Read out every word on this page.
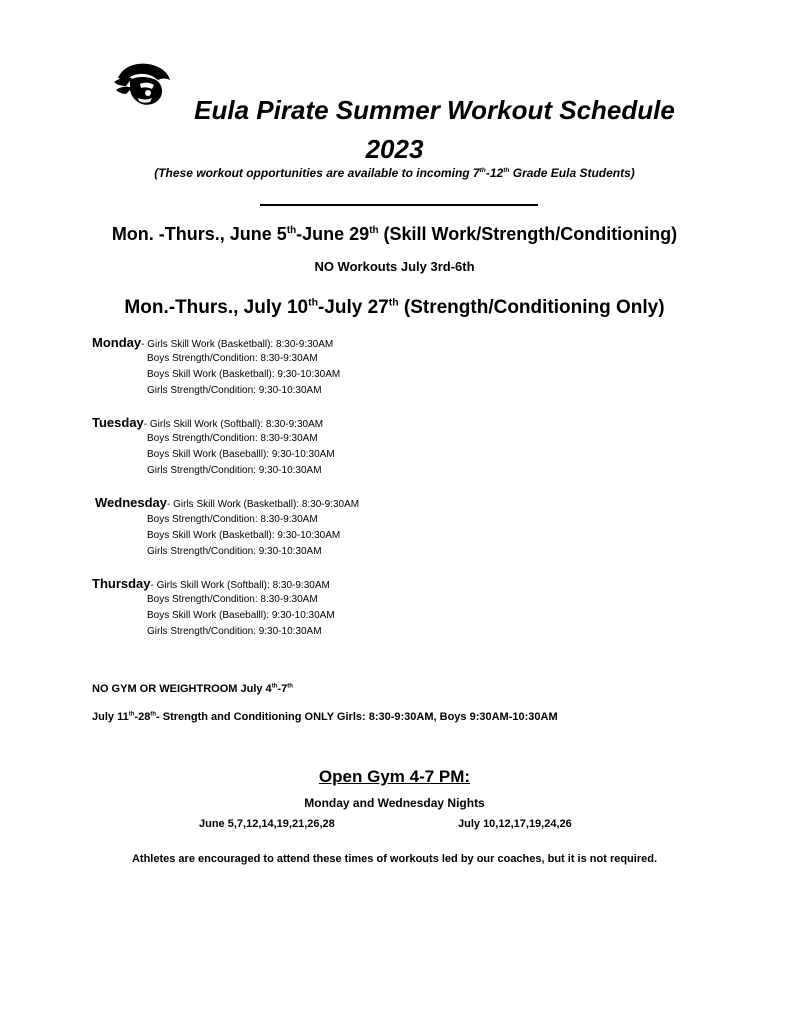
Eula Pirate Summer Workout Schedule
2023
(These workout opportunities are available to incoming 7th-12th Grade Eula Students)
Mon. -Thurs., June 5th-June 29th (Skill Work/Strength/Conditioning)
NO Workouts July 3rd-6th
Mon.-Thurs., July 10th-July 27th (Strength/Conditioning Only)
Monday- Girls Skill Work (Basketball): 8:30-9:30AM
Boys Strength/Condition: 8:30-9:30AM
Boys Skill Work (Basketball): 9:30-10:30AM
Girls Strength/Condition: 9:30-10:30AM
Tuesday- Girls Skill Work (Softball): 8:30-9:30AM
Boys Strength/Condition: 8:30-9:30AM
Boys Skill Work (Baseballl): 9:30-10:30AM
Girls Strength/Condition: 9:30-10:30AM
Wednesday- Girls Skill Work (Basketball): 8:30-9:30AM
Boys Strength/Condition: 8:30-9:30AM
Boys Skill Work (Basketball): 9:30-10:30AM
Girls Strength/Condition: 9:30-10:30AM
Thursday- Girls Skill Work (Softball): 8:30-9:30AM
Boys Strength/Condition: 8:30-9:30AM
Boys Skill Work (Baseballl): 9:30-10:30AM
Girls Strength/Condition: 9:30-10:30AM
NO GYM OR WEIGHTROOM July 4th-7th
July 11th-28th- Strength and Conditioning ONLY Girls: 8:30-9:30AM, Boys 9:30AM-10:30AM
Open Gym 4-7 PM:
Monday and Wednesday Nights
June 5,7,12,14,19,21,26,28	July 10,12,17,19,24,26
Athletes are encouraged to attend these times of workouts led by our coaches, but it is not required.
